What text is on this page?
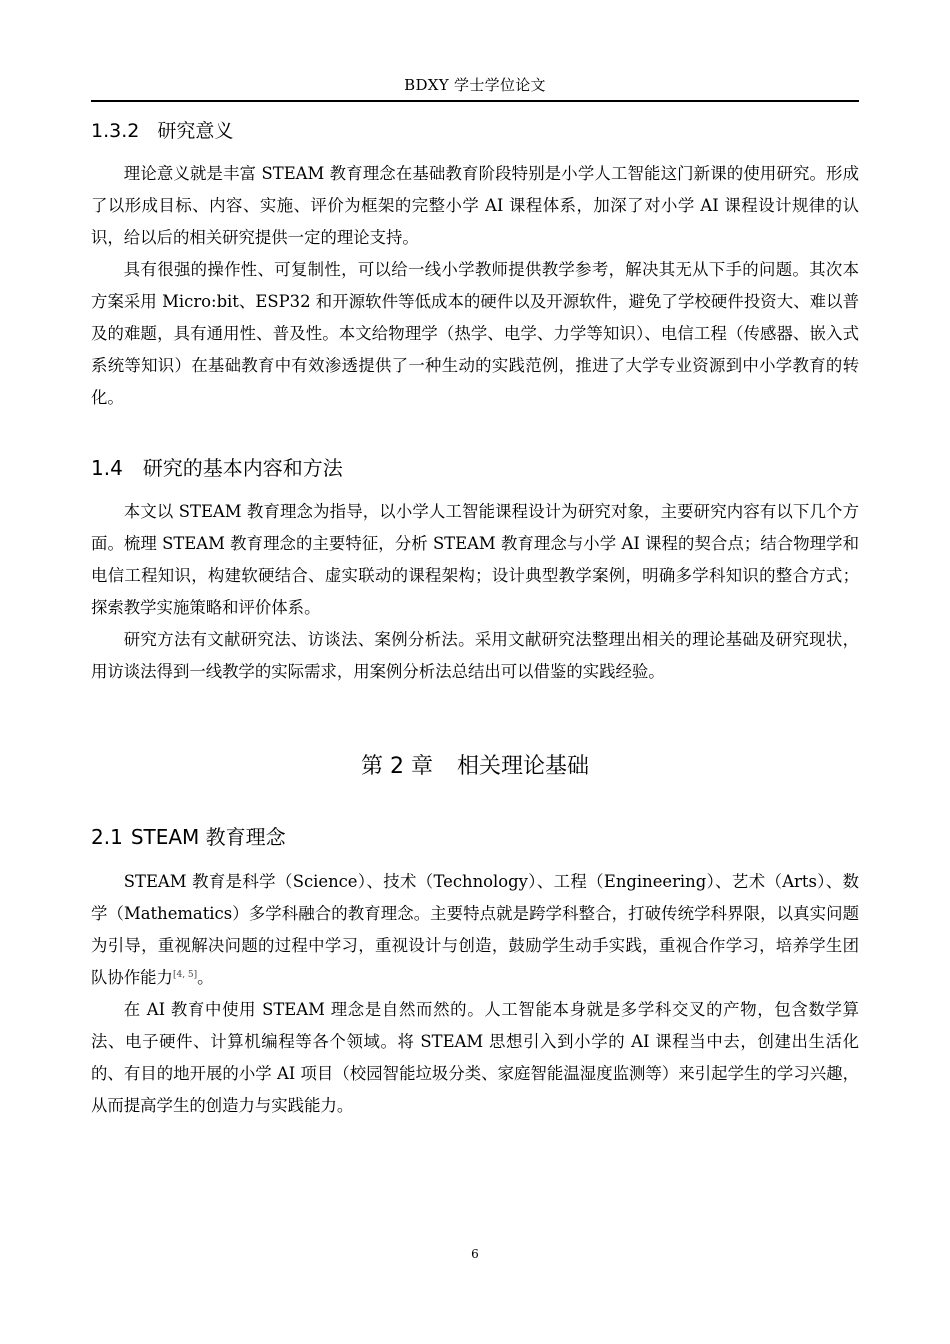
BDXY 学士学位论文
1.3.2 研究意义

理论意义就是丰富 STEAM 教育理念在基础教育阶段特别是小学人工智能这门新课的使用研究。形成了以形成目标、内容、实施、评价为框架的完整小学 AI 课程体系，加深了对小学 AI 课程设计规律的认识，给以后的相关研究提供一定的理论支持。

具有很强的操作性、可复制性，可以给一线小学教师提供教学参考，解决其无从下手的问题。其次本方案采用 Micro:bit、ESP32 和开源软件等低成本的硬件以及开源软件，避免了学校硬件投资大、难以普及的难题，具有通用性、普及性。本文给物理学（热学、电学、力学等知识）、电信工程（传感器、嵌入式系统等知识）在基础教育中有效渗透提供了一种生动的实践范例，推进了大学专业资源到中小学教育的转化。

1.4 研究的基本内容和方法

本文以 STEAM 教育理念为指导，以小学人工智能课程设计为研究对象，主要研究内容有以下几个方面。梳理 STEAM 教育理念的主要特征，分析 STEAM 教育理念与小学 AI 课程的契合点；结合物理学和电信工程知识，构建软硬结合、虚实联动的课程架构；设计典型教学案例，明确多学科知识的整合方式；探索教学实施策略和评价体系。

研究方法有文献研究法、访谈法、案例分析法。采用文献研究法整理出相关的理论基础及研究现状，用访谈法得到一线教学的实际需求，用案例分析法总结出可以借鉴的实践经验。

第 2 章 相关理论基础
2.1 STEAM 教育理念

STEAM 教育是科学（Science）、技术（Technology）、工程（Engineering）、艺术（Arts）、数学（Mathematics）多学科融合的教育理念。主要特点就是跨学科整合，打破传统学科界限，以真实问题为引导，重视解决问题的过程中学习，重视设计与创造，鼓励学生动手实践，重视合作学习，培养学生团队协作能力[4, 5]。

在 AI 教育中使用 STEAM 理念是自然而然的。人工智能本身就是多学科交叉的产物，包含数学算法、电子硬件、计算机编程等各个领域。将 STEAM 思想引入到小学的 AI 课程当中去，创建出生活化的、有目的地开展的小学 AI 项目（校园智能垃圾分类、家庭智能温湿度监测等）来引起学生的学习兴趣，从而提高学生的创造力与实践能力。

6
